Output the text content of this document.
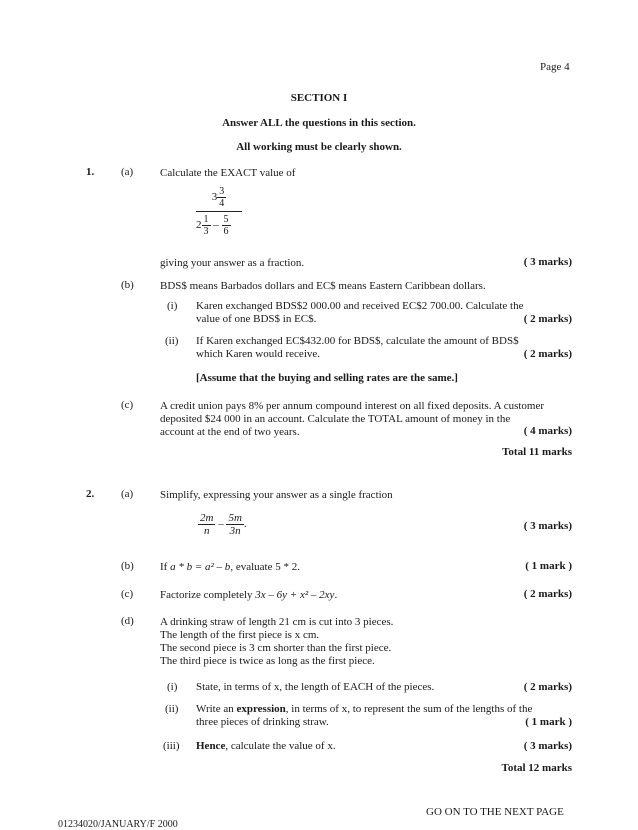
Page 4
SECTION I
Answer ALL the questions in this section.
All working must be clearly shown.
1. (a) Calculate the EXACT value of
$3 \frac{3}{4}$
$2 \frac{1}{3} - \frac{5}{6}$
giving your answer as a fraction.	( 3 marks)
(b) BDS$ means Barbados dollars and EC$ means Eastern Caribbean dollars.
(i) Karen exchanged BDS$2 000.00 and received EC$2 700.00. Calculate the
value of one BDS$ in EC$.	( 2 marks)
(ii) If Karen exchanged EC$432.00 for BDS$, calculate the amount of BDS$
which Karen would receive.	( 2 marks)
[Assume that the buying and selling rates are the same.]
(c) A credit union pays 8% per annum compound interest on all fixed deposits. A customer
deposited $24 000 in an account. Calculate the TOTAL amount of money in the
account at the end of two years.	( 4 marks)
Total 11 marks
2. (a) Simplify, expressing your answer as a single fraction
$\frac{2m}{n} - \frac{5m}{3n}$ .	( 3 marks)
(b) If a * b = a² – b, evaluate 5 * 2.	( 1 mark )
(c) Factorize completely 3x – 6y + x² – 2xy.	( 2 marks)
(d) A drinking straw of length 21 cm is cut into 3 pieces.
The length of the first piece is x cm.
The second piece is 3 cm shorter than the first piece.
The third piece is twice as long as the first piece.
(i) State, in terms of x, the length of EACH of the pieces.	( 2 marks)
(ii) Write an expression, in terms of x, to represent the sum of the lengths of the
three pieces of drinking straw.	( 1 mark )
(iii) Hence, calculate the value of x.	( 3 marks)
Total 12 marks
GO ON TO THE NEXT PAGE
01234020/JANUARY/F 2000
